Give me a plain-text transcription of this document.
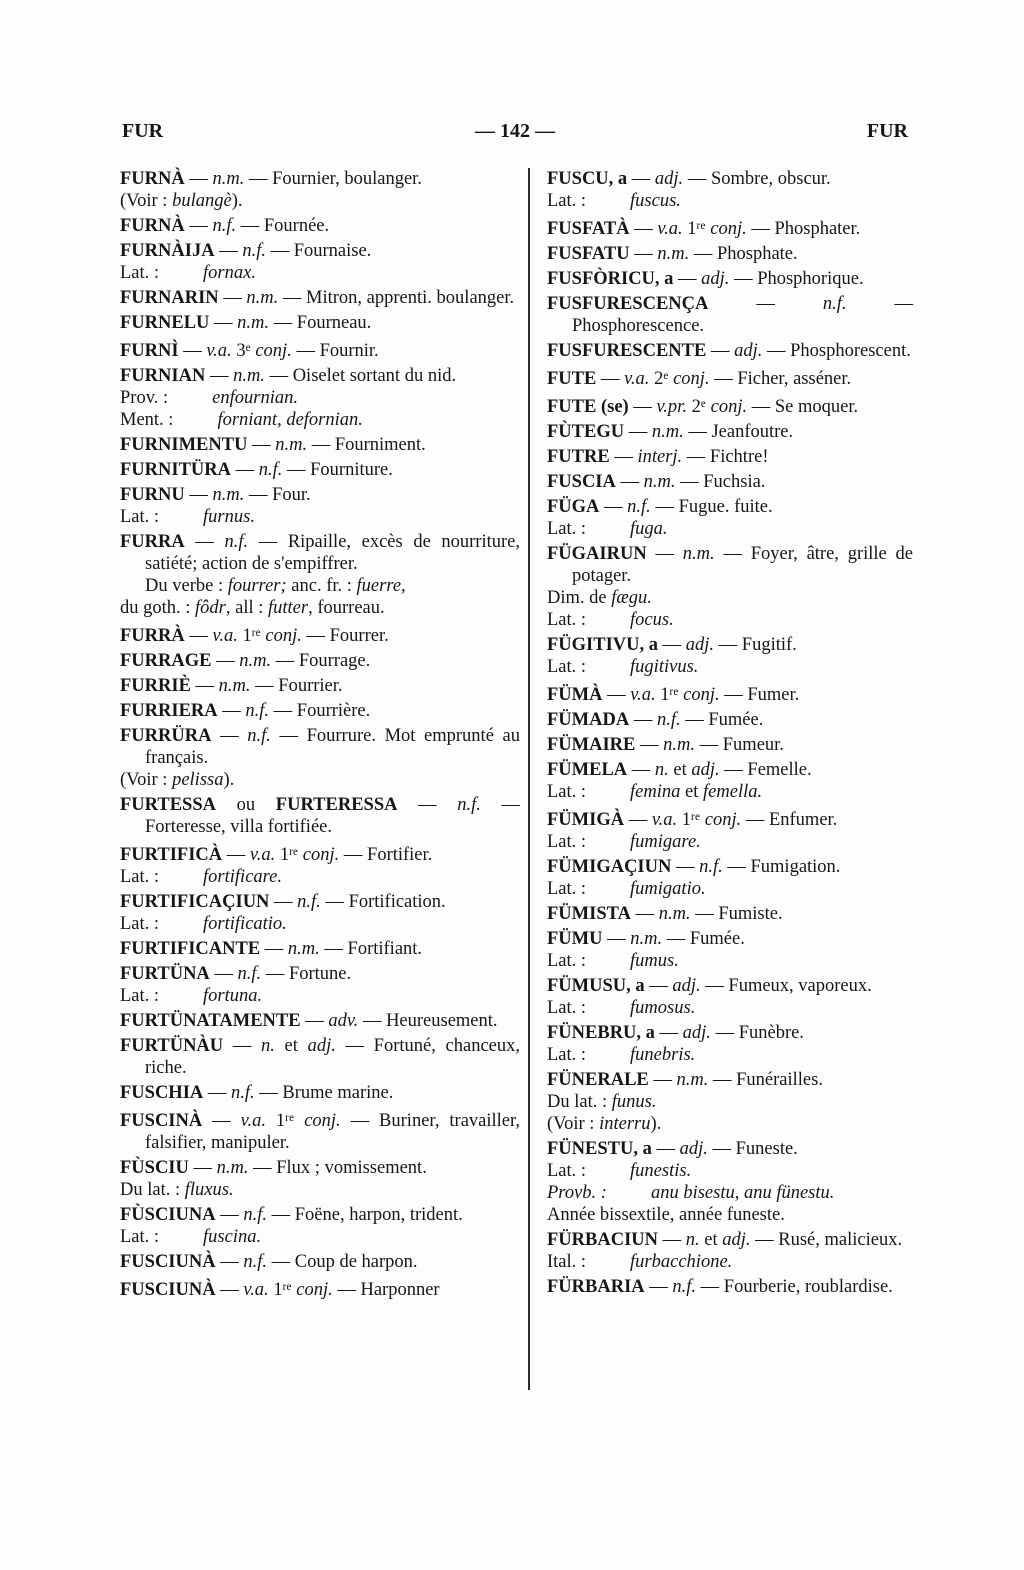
FUR	— 142 —	FUR

FURNÀ — n.m. — Fournier, boulanger.

(Voir : bulangè).

FURNÀ — n.f. — Fournée.

FURNÀIJA — n.f. — Fournaise.

Lat. : fornax.

FURNARIN — n.m. — Mitron, apprenti. boulanger.

FURNELU — n.m. — Fourneau.

FURNÌ — v.a. 3e conj. — Fournir.

FURNIAN — n.m. — Oiselet sortant du nid.

Prov. : enfournian.

Ment. : forniant, defornian.

FURNIMENTU — n.m. — Fourniment.

FURNITÜRA — n.f. — Fourniture.

FURNU — n.m. — Four.

Lat. : furnus.

FURRA — n.f. — Ripaille, excès de nourriture, satiété; action de s'empiffrer.

Du verbe : fourrer; anc. fr. : fuerre,

du goth. : fôdr, all : futter, fourreau.

FURRÀ — v.a. 1re conj. — Fourrer.

FURRAGE — n.m. — Fourrage.

FURRIÈ — n.m. — Fourrier.

FURRIERA — n.f. — Fourrière.

FURRÜRA — n.f. — Fourrure. Mot emprunté au français.

(Voir : pelissa).

FURTESSA ou FURTERESSA — n.f. — Forteresse, villa fortifiée.

FURTIFICÀ — v.a. 1re conj. — Fortifier.

Lat. : fortificare.

FURTIFICAÇIUN — n.f. — Fortification.

Lat. : fortificatio.

FURTIFICANTE — n.m. — Fortifiant.

FURTÜNA — n.f. — Fortune.

Lat. : fortuna.

FURTÜNATAMENTE — adv. — Heureusement.

FURTÜNÀU — n. et adj. — Fortuné, chanceux, riche.

FUSCHIA — n.f. — Brume marine.

FUSCINÀ — v.a. 1re conj. — Buriner, travailler, falsifier, manipuler.

FÙSCIU — n.m. — Flux ; vomissement.

Du lat. : fluxus.

FÙSCIUNA — n.f. — Foëne, harpon, trident.

Lat. : fuscina.

FUSCIUNÀ — n.f. — Coup de harpon.

FUSCIUNÀ — v.a. 1re conj. — Harponner

FUSCU, a — adj. — Sombre, obscur.

Lat. : fuscus.

FUSFATÀ — v.a. 1re conj. — Phosphater.

FUSFATU — n.m. — Phosphate.

FUSFÒRICU, a — adj. — Phosphorique.

FUSFURESCENÇA — n.f. — Phosphorescence.

FUSFURESCENTE — adj. — Phosphorescent.

FUTE — v.a. 2e conj. — Ficher, asséner.

FUTE (se) — v.pr. 2e conj. — Se moquer.

FÙTEGU — n.m. — Jeanfoutre.

FUTRE — interj. — Fichtre!

FUSCIA — n.m. — Fuchsia.

FÜGA — n.f. — Fugue. fuite.

Lat. : fuga.

FÜGAIRUN — n.m. — Foyer, âtre, grille de potager.

Dim. de fægu.

Lat. : focus.

FÜGITIVU, a — adj. — Fugitif.

Lat. : fugitivus.

FÜMÀ — v.a. 1re conj. — Fumer.

FÜMADA — n.f. — Fumée.

FÜMAIRE — n.m. — Fumeur.

FÜMELA — n. et adj. — Femelle.

Lat. : femina et femella.

FÜMIGÀ — v.a. 1re conj. — Enfumer.

Lat. : fumigare.

FÜMIGAÇIUN — n.f. — Fumigation.

Lat. : fumigatio.

FÜMISTA — n.m. — Fumiste.

FÜMU — n.m. — Fumée.

Lat. : fumus.

FÜMUSU, a — adj. — Fumeux, vaporeux.

Lat. : fumosus.

FÜNEBRU, a — adj. — Funèbre.

Lat. : funebris.

FÜNERALE — n.m. — Funérailles.

Du lat. : funus.

(Voir : interru).

FÜNESTU, a — adj. — Funeste.

Lat. : funestis.

Provb. : anu bisestu, anu fünestu.

Année bissextile, année funeste.

FÜRBACIUN — n. et adj. — Rusé, malicieux.

Ital. : furbacchione.

FÜRBARIA — n.f. — Fourberie, roublardise.
